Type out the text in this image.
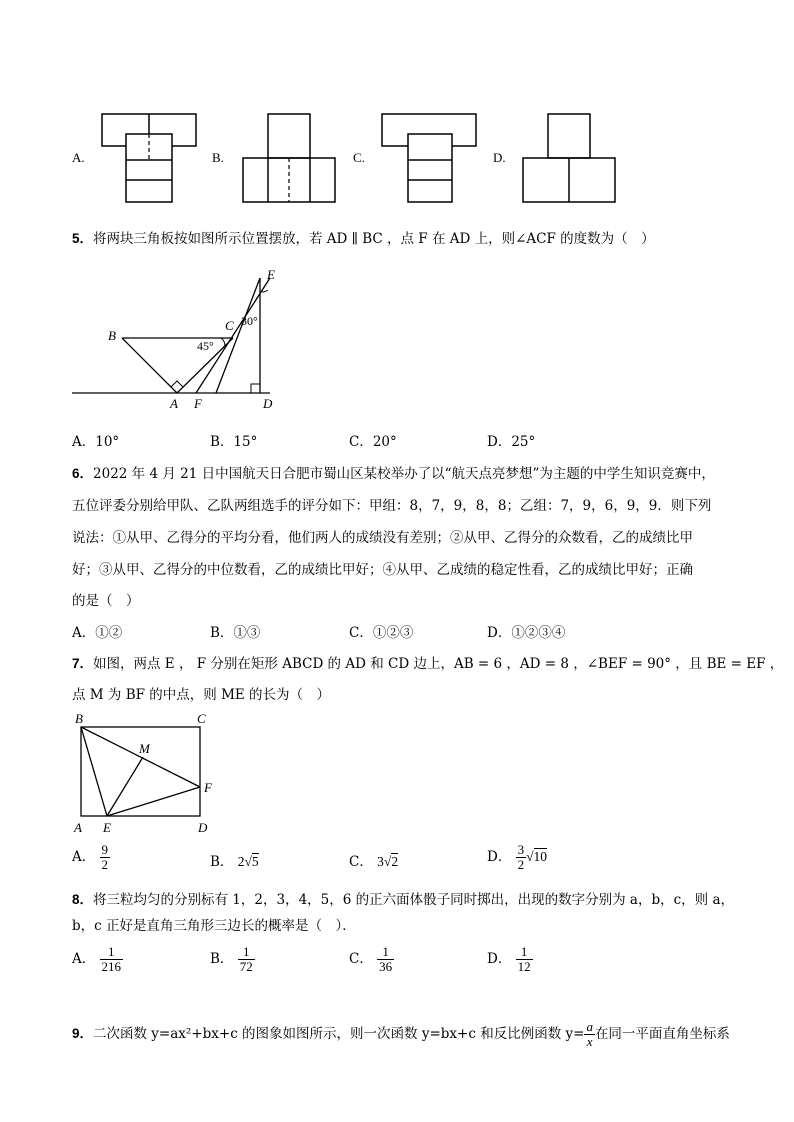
A.	B.	C.	D.
5．将两块三角板按如图所示位置摆放，若 AD ∥ BC ，点 F 在 AD 上，则∠ACF 的度数为（　）
E
C
B
A F	D
45°
30°
A．10°	B．15°	C．20°	D．25°
6．2022 年 4 月 21 日中国航天日合肥市蜀山区某校举办了以“航天点亮梦想”为主题的中学生知识竞赛中，
五位评委分别给甲队、乙队两组选手的评分如下：甲组：8，7，9，8，8；乙组：7，9，6，9，9．则下列
说法：①从甲、乙得分的平均分看，他们两人的成绩没有差别；②从甲、乙得分的众数看，乙的成绩比甲
好；③从甲、乙得分的中位数看，乙的成绩比甲好；④从甲、乙成绩的稳定性看，乙的成绩比甲好；正确
的是（　）
A．①②	B．①③	C．①②③	D．①②③④
7．如图，两点 E ， F 分别在矩形 ABCD 的 AD 和 CD 边上，AB = 6 ，AD = 8 ，∠BEF = 90° ，且 BE = EF ，
点 M 为 BF 的中点，则 ME 的长为（　）
B	C
M
F
A E	D
A． $\frac{9}{2}$	B． 2√5	C． 3√2	D． $\frac{3}{2} √10$
8．将三粒均匀的分别标有 1，2，3，4，5，6 的正六面体骰子同时掷出，出现的数字分别为 a，b，c，则 a，
b，c 正好是直角三角形三边长的概率是（　）．
A． $\frac{1}{216}$	B． $\frac{1}{72}$	C． $\frac{1}{36}$	D． $\frac{1}{12}$
9．二次函数 y=ax²+bx+c 的图象如图所示，则一次函数 y=bx+c 和反比例函数 $y= \frac{a}{x}$ 在同一平面直角坐标系
